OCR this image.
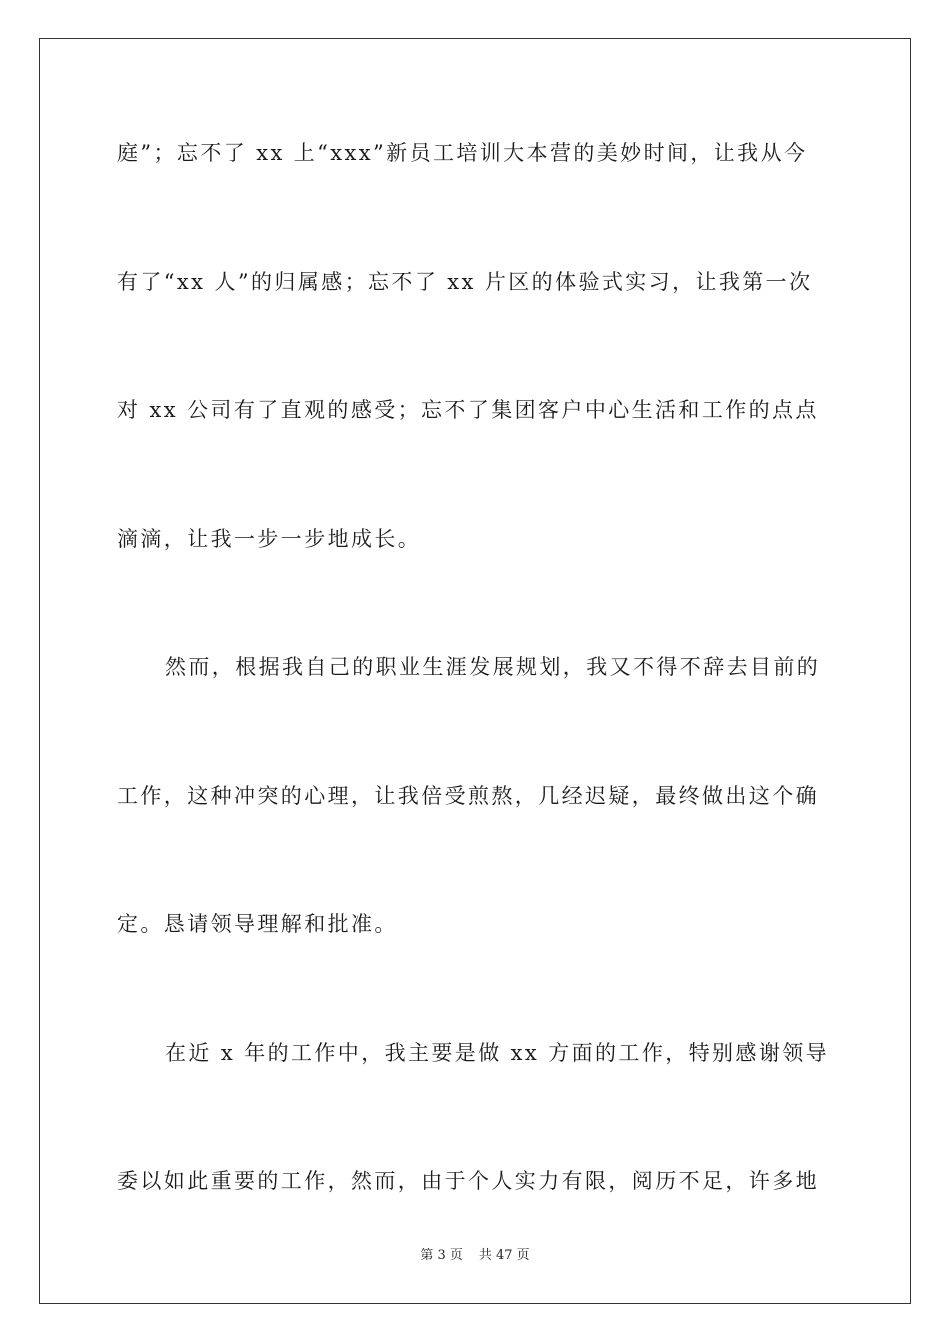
庭”；忘不了 xx 上“xxx”新员工培训大本营的美妙时间，让我从今
有了“xx 人”的归属感；忘不了 xx 片区的体验式实习，让我第一次
对 xx 公司有了直观的感受；忘不了集团客户中心生活和工作的点点
滴滴，让我一步一步地成长。
然而，根据我自己的职业生涯发展规划，我又不得不辞去目前的
工作，这种冲突的心理，让我倍受煎熬，几经迟疑，最终做出这个确
定。恳请领导理解和批准。
在近 x 年的工作中，我主要是做 xx 方面的工作，特别感谢领导
委以如此重要的工作，然而，由于个人实力有限，阅历不足，许多地
第 3 页 共 47 页
